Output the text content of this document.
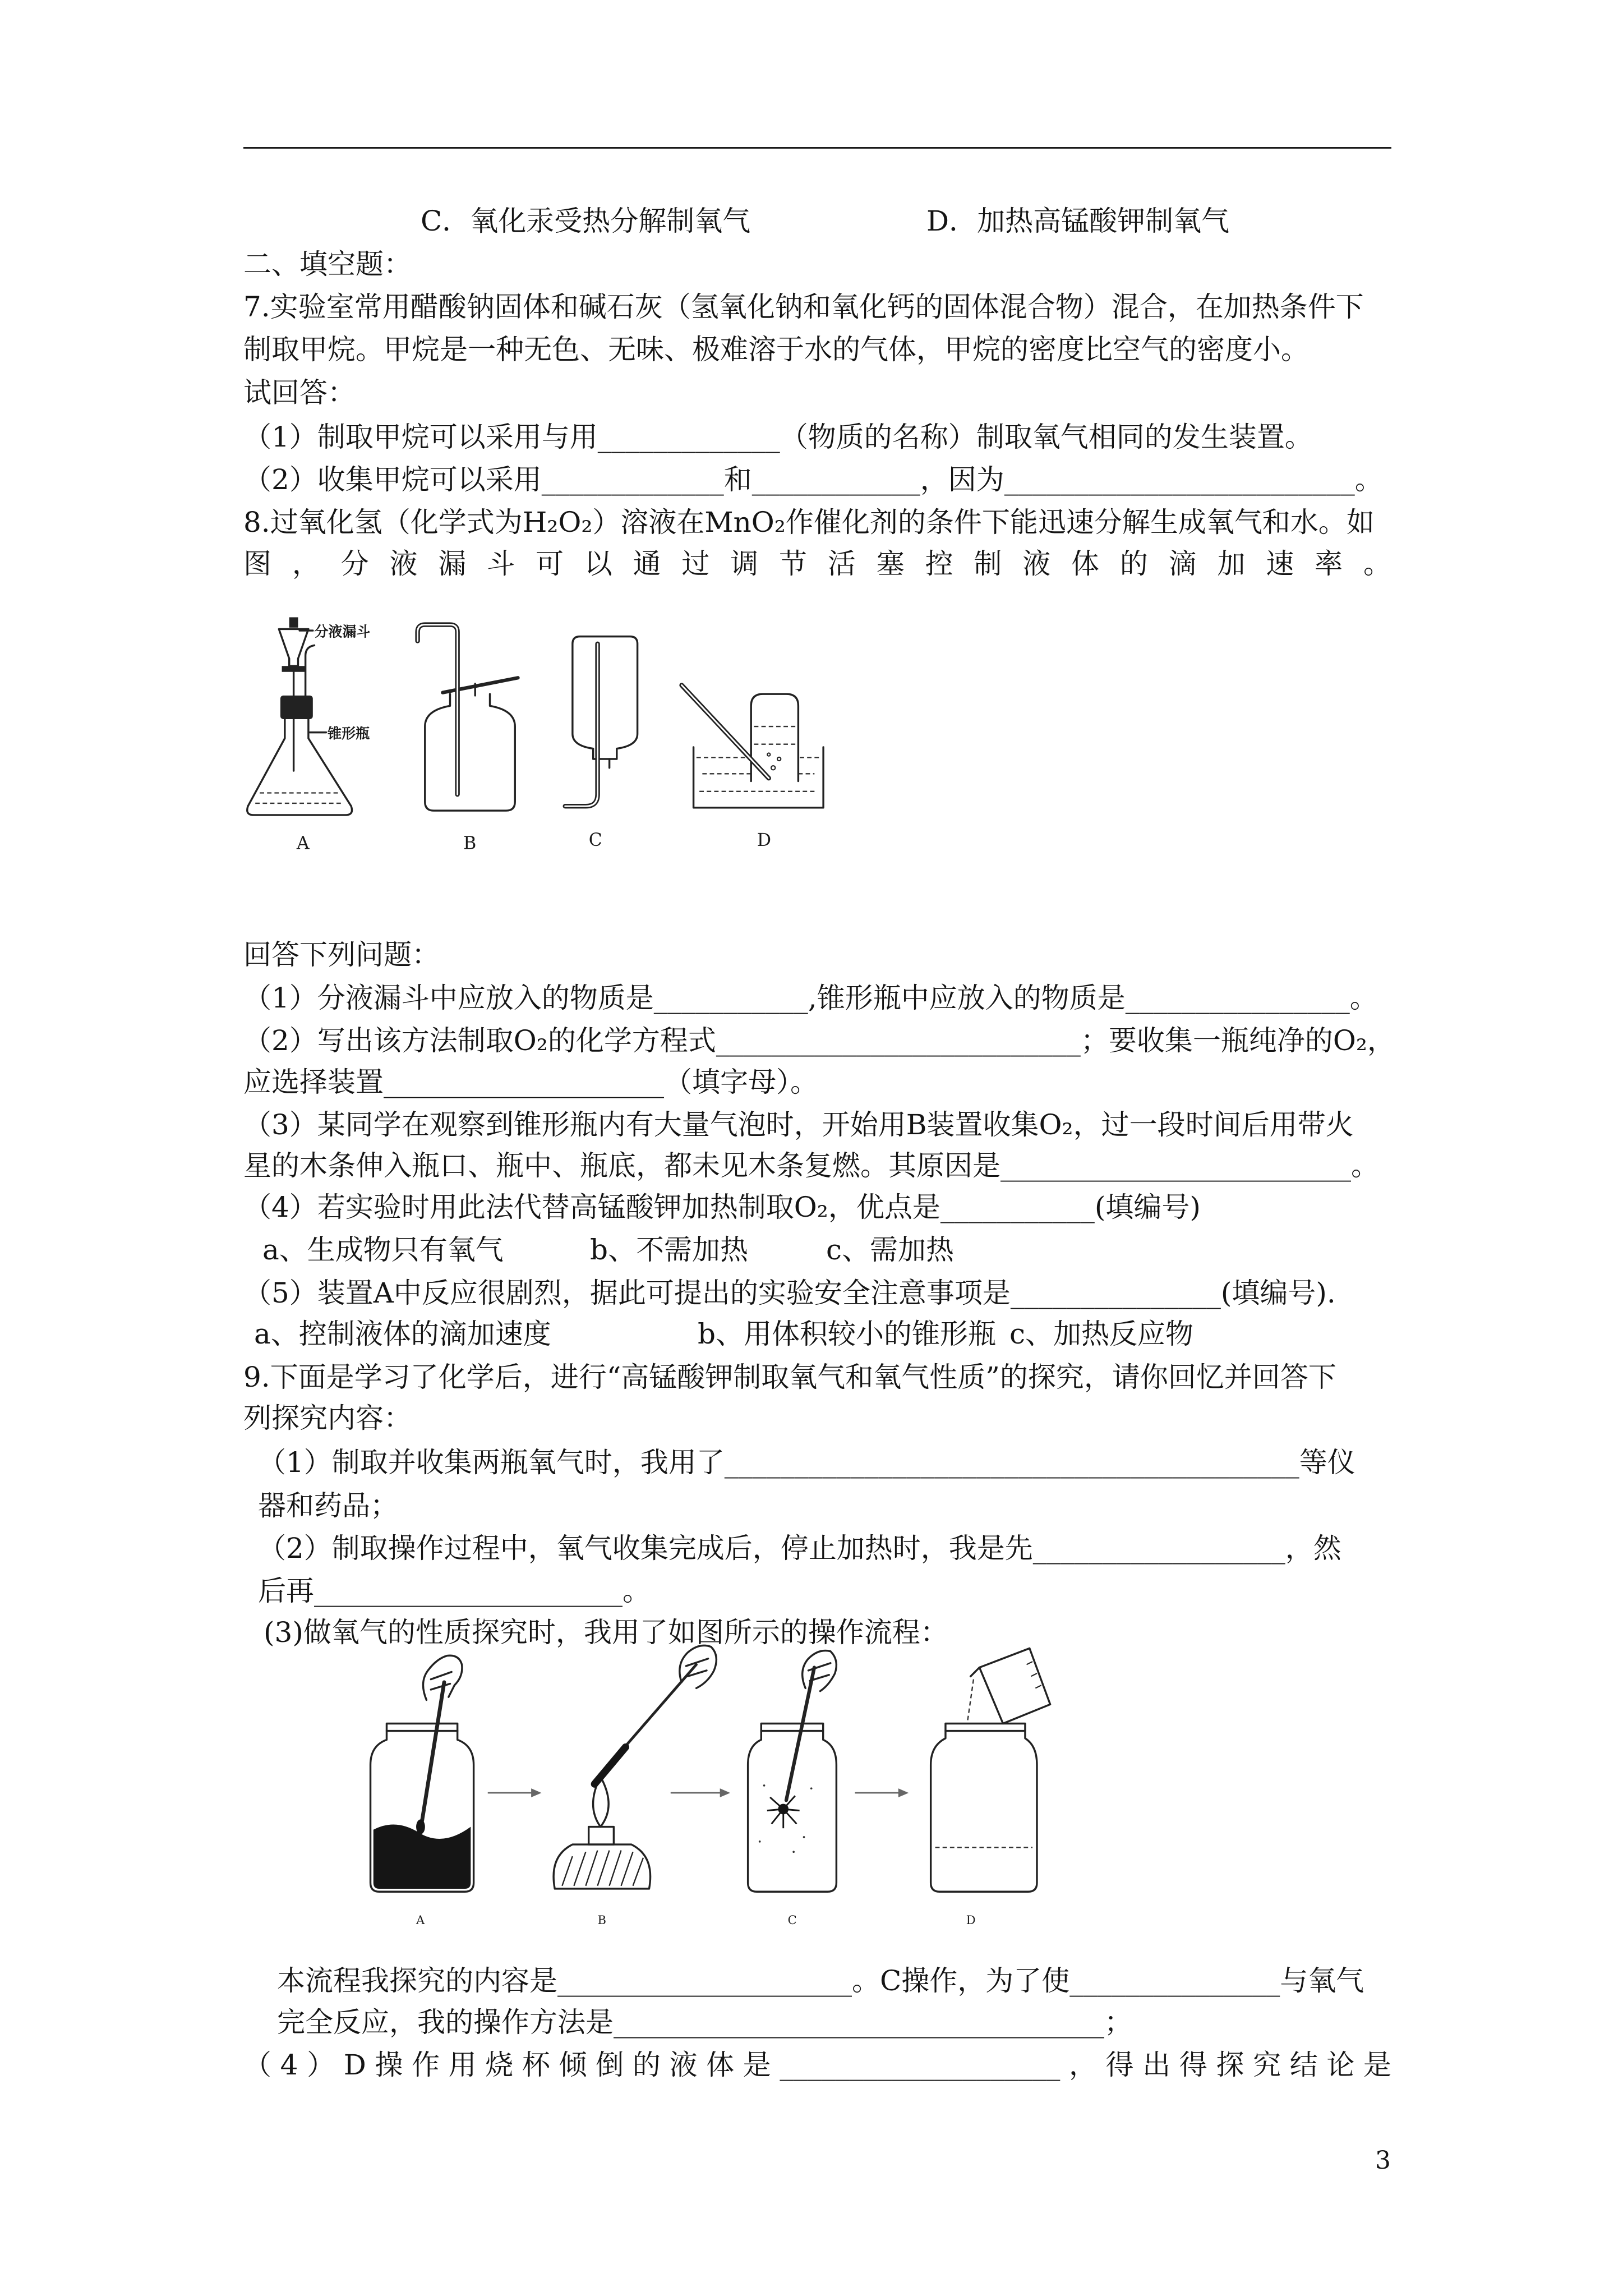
C．氧化汞受热分解制氧气	D．加热高锰酸钾制氧气
二、填空题：
7.实验室常用醋酸钠固体和碱石灰（氢氧化钠和氧化钙的固体混合物）混合，在加热条件下
制取甲烷。甲烷是一种无色、无味、极难溶于水的气体，甲烷的密度比空气的密度小。
试回答：
（1）制取甲烷可以采用与用_____________（物质的名称）制取氧气相同的发生装置。
（2）收集甲烷可以采用_____________和____________，因为_________________________。
8.过氧化氢（化学式为H₂O₂）溶液在MnO₂作催化剂的条件下能迅速分解生成氧气和水。如
图，分液漏斗可以通过调节活塞控制液体的滴加速率。
分液漏斗
锥形瓶
A	B	C	D
回答下列问题：
（1）分液漏斗中应放入的物质是___________,锥形瓶中应放入的物质是________________。
（2）写出该方法制取O₂的化学方程式__________________________；要收集一瓶纯净的O₂，
应选择装置____________________（填字母）。
（3）某同学在观察到锥形瓶内有大量气泡时，开始用B装置收集O₂，过一段时间后用带火
星的木条伸入瓶口、瓶中、瓶底，都未见木条复燃。其原因是_________________________。
（4）若实验时用此法代替高锰酸钾加热制取O₂，优点是___________(填编号)
a、生成物只有氧气	b、不需加热	c、需加热
（5）装置A中反应很剧烈，据此可提出的实验安全注意事项是_______________(填编号).
a、控制液体的滴加速度	b、用体积较小的锥形瓶 c、加热反应物
9.下面是学习了化学后，进行“高锰酸钾制取氧气和氧气性质”的探究，请你回忆并回答下
列探究内容：
（1）制取并收集两瓶氧气时，我用了_________________________________________等仪
器和药品；
（2）制取操作过程中，氧气收集完成后，停止加热时，我是先__________________，然
后再______________________。
(3)做氧气的性质探究时，我用了如图所示的操作流程：
A	B	C	D
本流程我探究的内容是_____________________。C操作，为了使_______________与氧气
完全反应，我的操作方法是___________________________________；
（4）D操作用烧杯倾倒的液体是____________________，得出得探究结论是
3
